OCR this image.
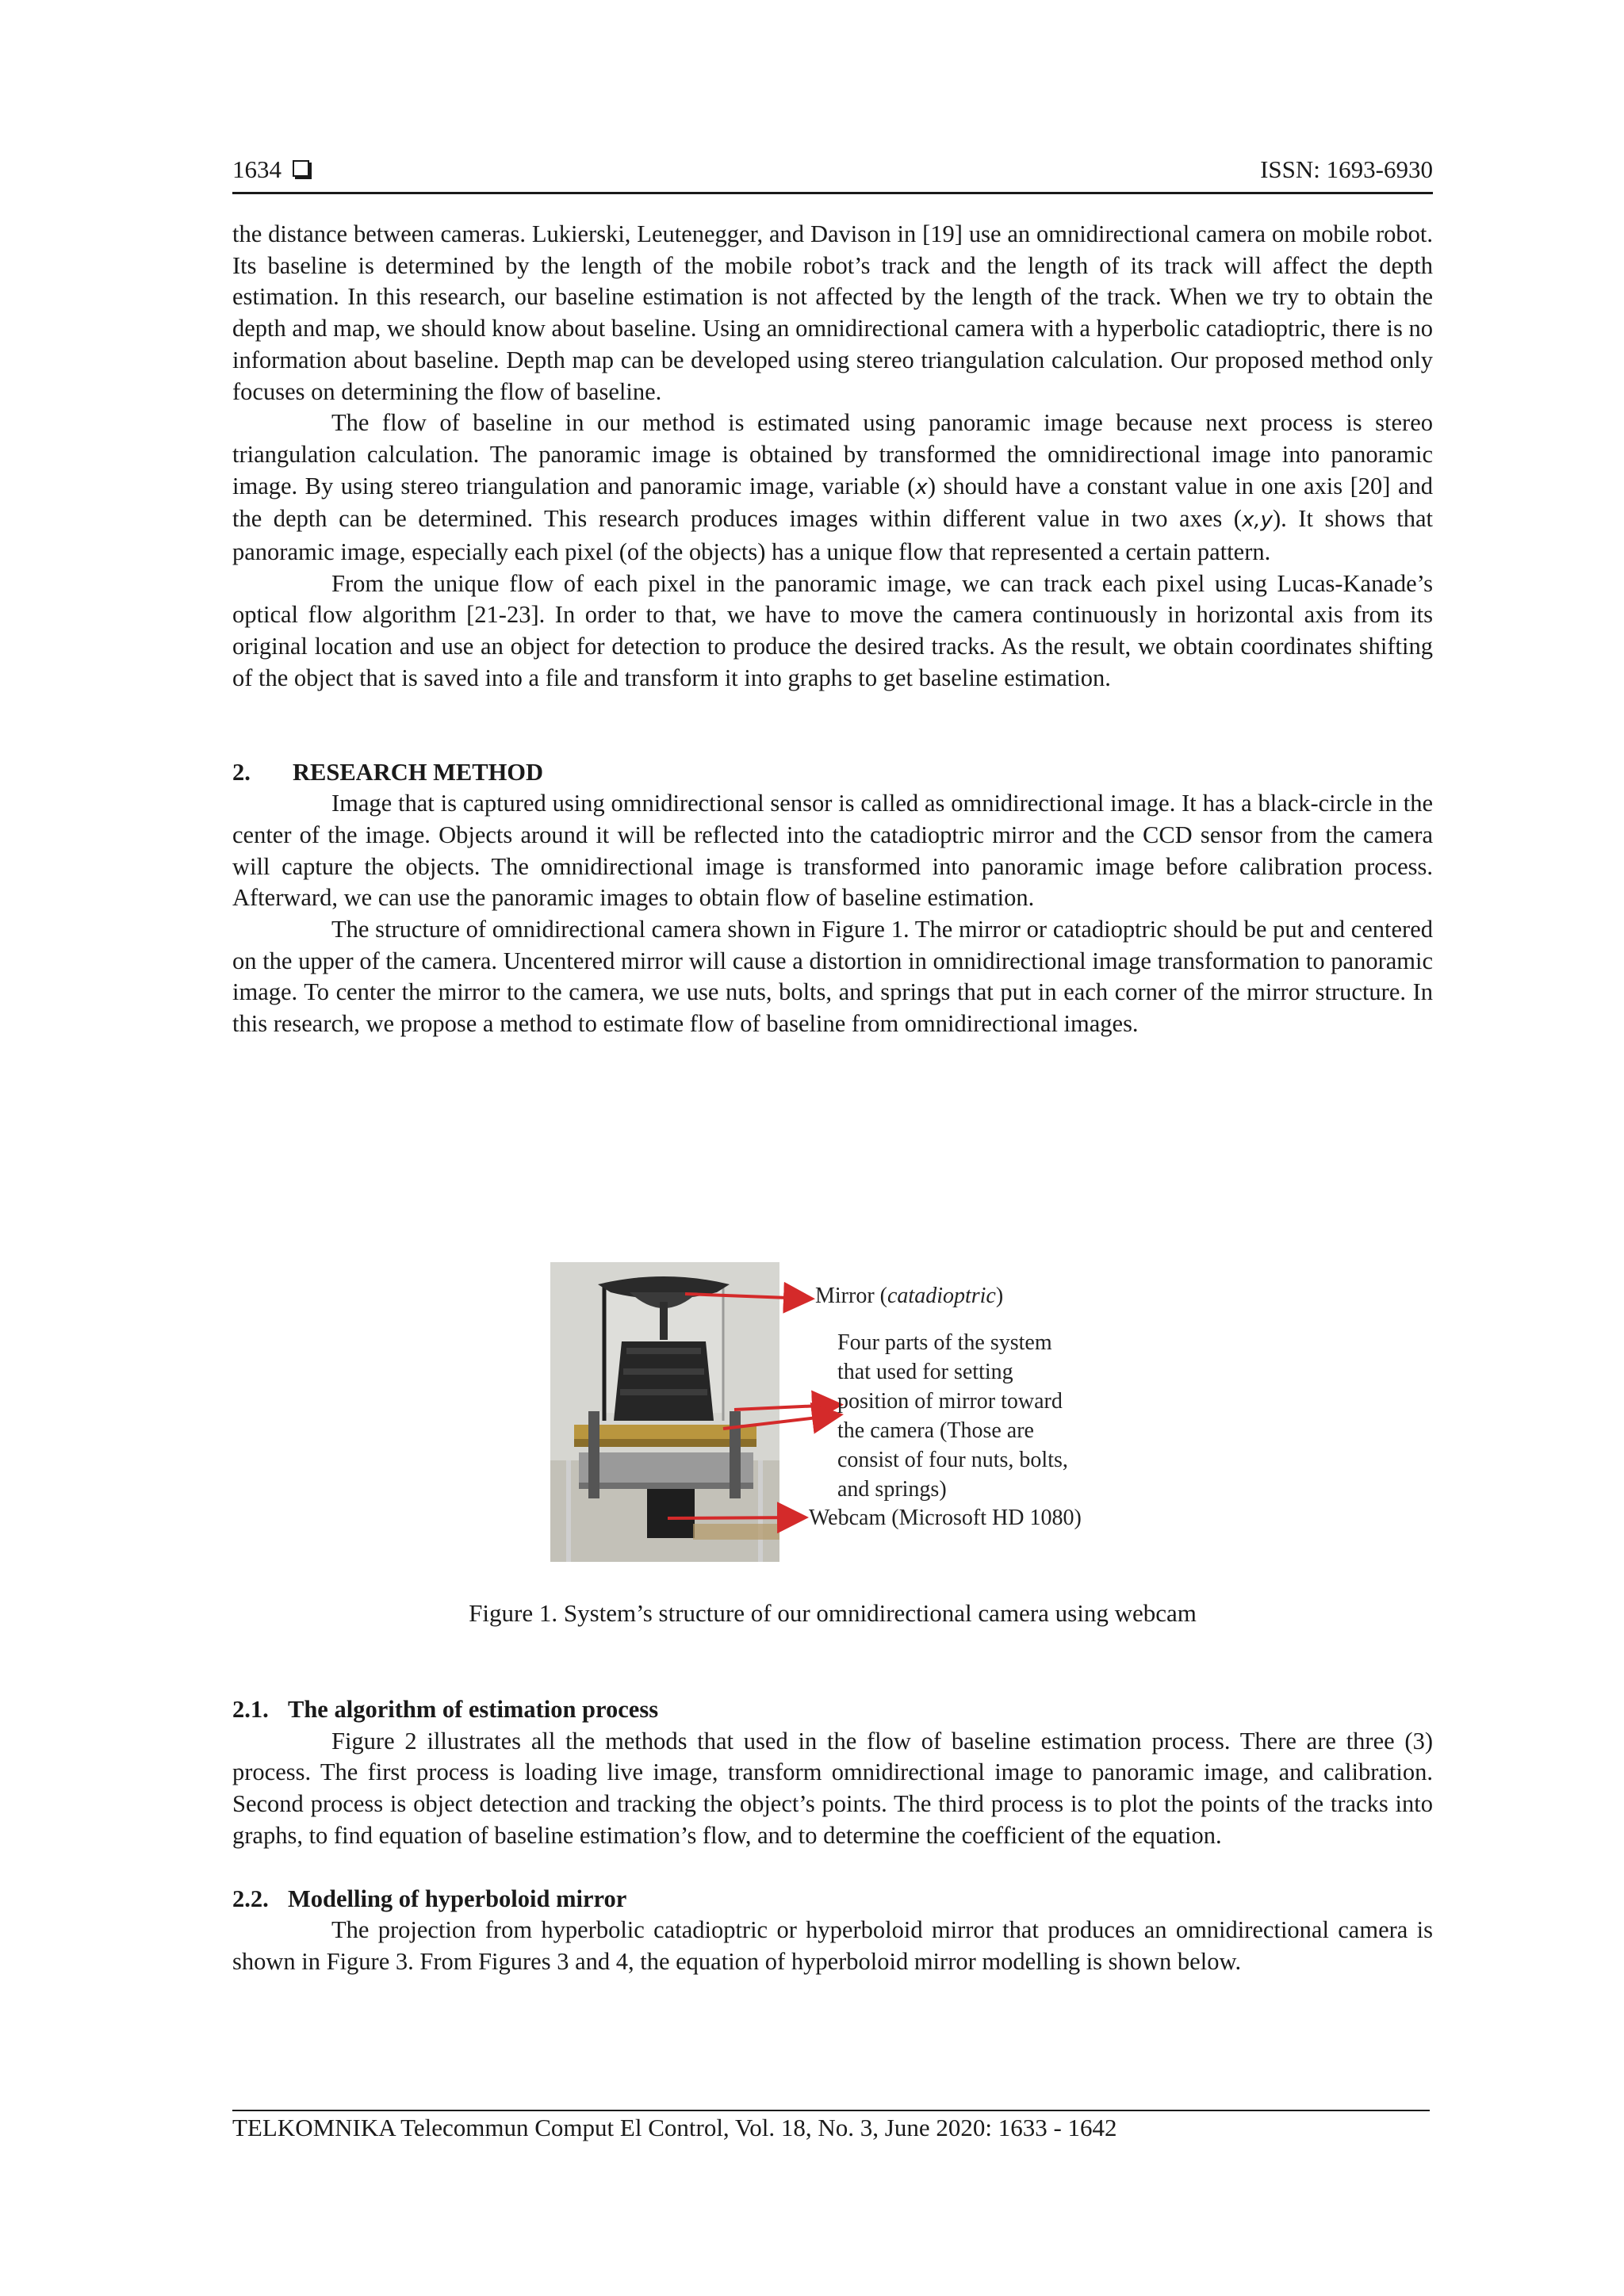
1634	ISSN: 1693-6930

the distance between cameras. Lukierski, Leutenegger, and Davison in [19] use an omnidirectional camera on mobile robot. Its baseline is determined by the length of the mobile robot’s track and the length of its track will affect the depth estimation. In this research, our baseline estimation is not affected by the length of the track. When we try to obtain the depth and map, we should know about baseline. Using an omnidirectional camera with a hyperbolic catadioptric, there is no information about baseline. Depth map can be developed using stereo triangulation calculation. Our proposed method only focuses on determining the flow of baseline.

The flow of baseline in our method is estimated using panoramic image because next process is stereo triangulation calculation. The panoramic image is obtained by transformed the omnidirectional image into panoramic image. By using stereo triangulation and panoramic image, variable (x) should have a constant value in one axis [20] and the depth can be determined. This research produces images within different value in two axes (x,y). It shows that panoramic image, especially each pixel (of the objects) has a unique flow that represented a certain pattern.

From the unique flow of each pixel in the panoramic image, we can track each pixel using Lucas-Kanade’s optical flow algorithm [21-23]. In order to that, we have to move the camera continuously in horizontal axis from its original location and use an object for detection to produce the desired tracks. As the result, we obtain coordinates shifting of the object that is saved into a file and transform it into graphs to get baseline estimation.

2. RESEARCH METHOD

Image that is captured using omnidirectional sensor is called as omnidirectional image. It has a black-circle in the center of the image. Objects around it will be reflected into the catadioptric mirror and the CCD sensor from the camera will capture the objects. The omnidirectional image is transformed into panoramic image before calibration process. Afterward, we can use the panoramic images to obtain flow of baseline estimation.

The structure of omnidirectional camera shown in Figure 1. The mirror or catadioptric should be put and centered on the upper of the camera. Uncentered mirror will cause a distortion in omnidirectional image transformation to panoramic image. To center the mirror to the camera, we use nuts, bolts, and springs that put in each corner of the mirror structure. In this research, we propose a method to estimate flow of baseline from omnidirectional images.

Mirror (catadioptric)
Four parts of the system
that used for setting
position of mirror toward
the camera (Those are
consist of four nuts, bolts,
and springs)
Webcam (Microsoft HD 1080)
Figure 1. System’s structure of our omnidirectional camera using webcam
2.1. The algorithm of estimation process

Figure 2 illustrates all the methods that used in the flow of baseline estimation process. There are three (3) process. The first process is loading live image, transform omnidirectional image to panoramic image, and calibration. Second process is object detection and tracking the object’s points. The third process is to plot the points of the tracks into graphs, to find equation of baseline estimation’s flow, and to determine the coefficient of the equation.

2.2. Modelling of hyperboloid mirror

The projection from hyperbolic catadioptric or hyperboloid mirror that produces an omnidirectional camera is shown in Figure 3. From Figures 3 and 4, the equation of hyperboloid mirror modelling is shown below.

TELKOMNIKA Telecommun Comput El Control, Vol. 18, No. 3, June 2020: 1633 - 1642
